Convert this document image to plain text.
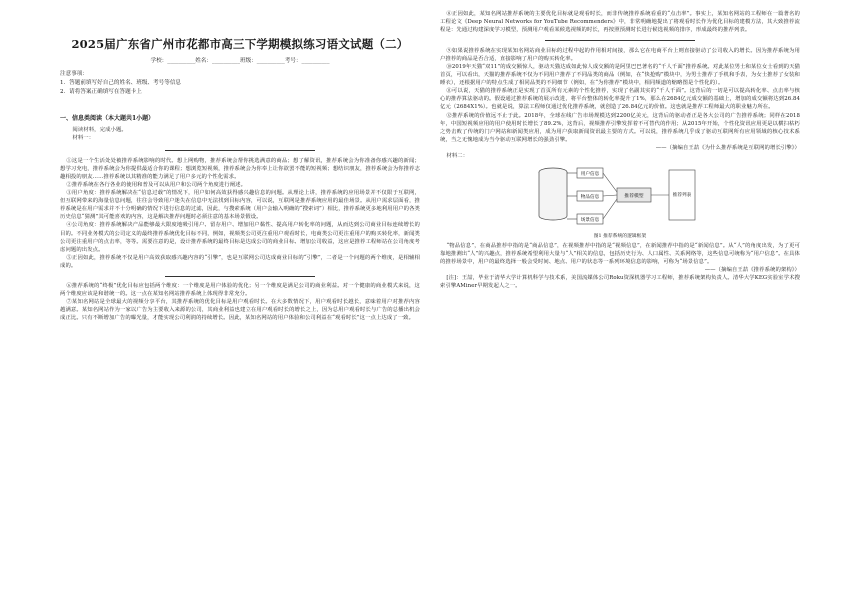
2025届广东省广州市花都市高三下学期模拟练习语文试题（二）
学校：__________姓名：__________班级：__________考号：__________
注意事项：
1．答题前填写好自己的姓名、班级、考号等信息
2．请将答案正确填写在答题卡上
一、信息类阅读（本大题共1小题）

阅读材料，完成小题。

材料一：

①这是一个生活处处被推荐系统影响的时代。想上网购物，推荐系统会帮你挑选满意的商品；想了解资讯，推荐系统会为你准备你感兴趣的新闻；想学习充电，推荐系统会为你提供最适合你的课程；想浏览短视频，推荐系统会为你奉上让你欲罢不能的短视频；想结识朋友，推荐系统会为你推荐志趣相投的朋友……推荐系统以其精准的能力满足了用户多元的个性化需求。

②推荐系统在各行各业的使用和普及可以从用户和公司两个角度进行阐述。

③用户角度：推荐系统解决在“信息过载”的情况下，用户如何高效获得感兴趣信息的问题。从理论上讲，推荐系统的应用场景并不仅限于互联网，但互联网带来的海量信息问题，往往会导致用户迷失在信息中无法找到目标内容，可以说，互联网是推荐系统应用的最佳场景。从用户需求层面看，推荐系统是在用户需求并不十分明确的情况下进行信息的过滤，因此，与搜索系统（用户会输入明确的“搜索词”）相比，推荐系统更多地利用用户的各类历史信息“猜测”其可能喜欢的内容，这是解决推荐问题时必须注意的基本场景假设。

④公司角度：推荐系统解决产品能够最大限度地吸引用户、留存用户、增加用户黏性、提高用户转化率的问题，从而达到公司商业目标连续增长的目的。不同业务模式的公司定义的最终推荐系统优化目标不同，例如，视频类公司更注重用户观看时长，电商类公司更注重用户的购买转化率，新闻类公司更注重用户的点击率，等等。需要注意的是，设计推荐系统的最终目标是达成公司的商业目标、增加公司收益，这应是推荐工程师站在公司角度考虑问题的出发点。

⑤正因如此，推荐系统不仅是用户高效获取感兴趣内容的“引擎”，也是互联网公司达成商业目标的“引擎”，二者是一个问题的两个维度，是相辅相成的。

⑥推荐系统的“终极”优化目标应包括两个维度：一个维度是用户体验的优化；另一个维度是满足公司的商业利益。对一个健康的商业模式来说，这两个维度应该是和谐统一的。这一点在某知名网站推荐系统上体现得非常充分。

⑦某知名网站是全球最大的视频分享平台，其推荐系统的优化目标是用户观看时长。在大多数情况下，用户观看时长越长，意味着用户对推荐内容越满意。某知名网站作为一家以广告为主要收入来源的公司，其商业利益也建立在用户观看时长的增长之上，因为总用户观看时长与广告的总播出机会成正比。只有不断增加广告的曝光量，才能实现公司利润的持续增长。因此，某知名网站的用户体验和公司利益在“观看时长”这一点上达成了一致。

⑧正因如此，某知名网站推荐系统的主要优化目标就是观看时长，而非传统推荐系统看重的“点击率”。事实上，某知名网站的工程师在一篇著名的工程论文《Deep Neural Networks for YouTube Recommenders》中，非常明确地提出了将观看时长作为优化目标的建模方法，其大致推荐流程是：先通过构建深度学习模型，预测用户观看某候选视频的时长，再按照预测时长进行候选视频的排序，形成最终的推荐列表。

⑨如果说推荐系统在实现某知名网站商业目标的过程中起的作用相对间接，那么它在电商平台上则直接驱动了公司收入的增长。因为推荐系统为用户推荐的商品是否合适，直接影响了用户的购买转化率。

⑩2019年天猫“双11”的成交额惊人，驱动天猫达成如此惊人成交额的是阿里巴巴著名的“千人千面”推荐系统。对此某位男士和某位女士看到的天猫首页，可以看出，天猫的推荐系统不仅为不同用户推荐了不同品类的商品（例如，在“快抢购”模块中，为男士推荐了手机和手表，为女士推荐了女装和睡衣），还根据用户的特点生成了相同品类的不同细节（例如，在“为你推荐”模块中，相同频道的缩略图是个性化的）。

⑪可以说，天猫的推荐系统正是实现了首页所有元素的个性化推荐，实现了名副其实的“千人千面”。这背后的一切是可以提高转化率、点击率与核心的推荐算法驱动的。假设通过推荐系统的展示改进，将平台整体的转化率提升了1%，那么在2684亿元成交额的基础上，增加的成交额将达到26.84亿元（2684X1%）。也就是说，算法工程师仅通过优化推荐系统，就创造了26.84亿元的价值。这也就是推荐工程师最大的职业魅力所在。

⑫推荐系统的价值远不止于此。2018年，全球在线广告市场规模达到2200亿美元，这背后的驱动者正是各大公司的广告推荐系统；同样在2018年，中国短视频应用的用户使用时长增长了89.2%，这背后，视频推荐引擎发挥着不可替代的作用；从2015年开始，个性化资讯应用更是以横扫枯朽之势击败了传统的门户网站和新闻类应用，成为用户获取新闻资讯最主要的方式。可以说，推荐系统几乎成了驱动互联网所有应用领域的核心技术系统，当之无愧地成为当今驱动互联网增长的强劲引擎。

——（摘编自王喆《为什么推荐系统是互联网的增长引擎》）

材料二：

用户信息
物品信息
场景信息
推荐模型	推荐列表
图1 推荐系统的逻辑框架

“物品信息”，在商品推荐中指的是“商品信息”，在视频推荐中指的是“视频信息”，在新闻推荐中指的是“新闻信息”。从“人”的角度出发，为了更可靠地推测出“人”的兴趣点，推荐系统希望利用大量与“人”相关的信息，包括历史行为、人口属性、关系网络等，这些信息可统称为“用户信息”。在具体的推荐场景中，用户的最终选择一般会受时间、地点、用户的状态等一系列环境信息的影响，可称为“场景信息”。

——（摘编自王喆《推荐系统的架构》）

[注]：王喆，毕业于清华大学计算机科学与技术系，美国流媒体公司Roku资深机器学习工程师，推荐系统架构负责人。清华大学KEG实验室学术搜索引擎AMiner早期发起人之一。
